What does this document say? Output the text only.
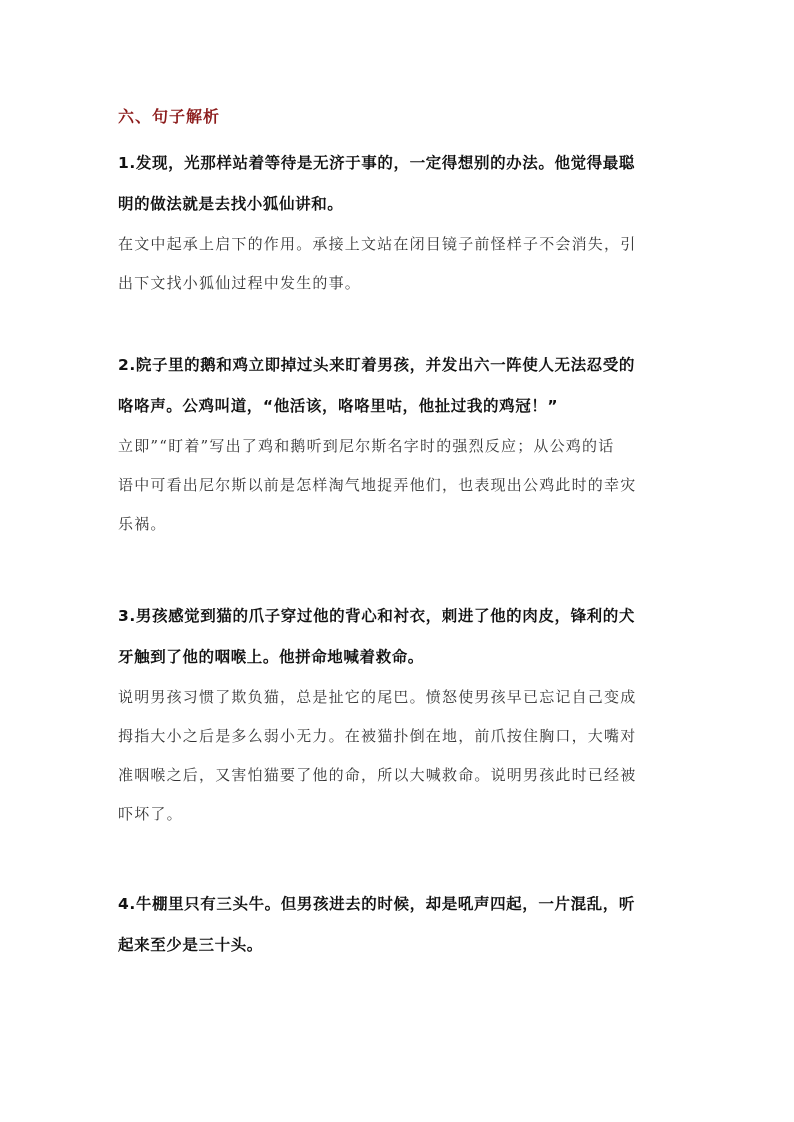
六、句子解析

1.发现，光那样站着等待是无济于事的，一定得想别的办法。他觉得最聪
明的做法就是去找小狐仙讲和。

在文中起承上启下的作用。承接上文站在闭目镜子前怪样子不会消失，引
出下文找小狐仙过程中发生的事。

2.院子里的鹅和鸡立即掉过头来盯着男孩，并发出六一阵使人无法忍受的
咯咯声。公鸡叫道，“他活该，咯咯里咕，他扯过我的鸡冠！”

立即”“盯着”写出了鸡和鹅听到尼尔斯名字时的强烈反应；从公鸡的话
语中可看出尼尔斯以前是怎样淘气地捉弄他们，也表现出公鸡此时的幸灾
乐祸。

3.男孩感觉到猫的爪子穿过他的背心和衬衣，刺进了他的肉皮，锋利的犬
牙触到了他的咽喉上。他拼命地喊着救命。

说明男孩习惯了欺负猫，总是扯它的尾巴。愤怒使男孩早已忘记自己变成
拇指大小之后是多么弱小无力。在被猫扑倒在地，前爪按住胸口，大嘴对
准咽喉之后，又害怕猫要了他的命，所以大喊救命。说明男孩此时已经被
吓坏了。

4.牛棚里只有三头牛。但男孩进去的时候，却是吼声四起，一片混乱，听
起来至少是三十头。
